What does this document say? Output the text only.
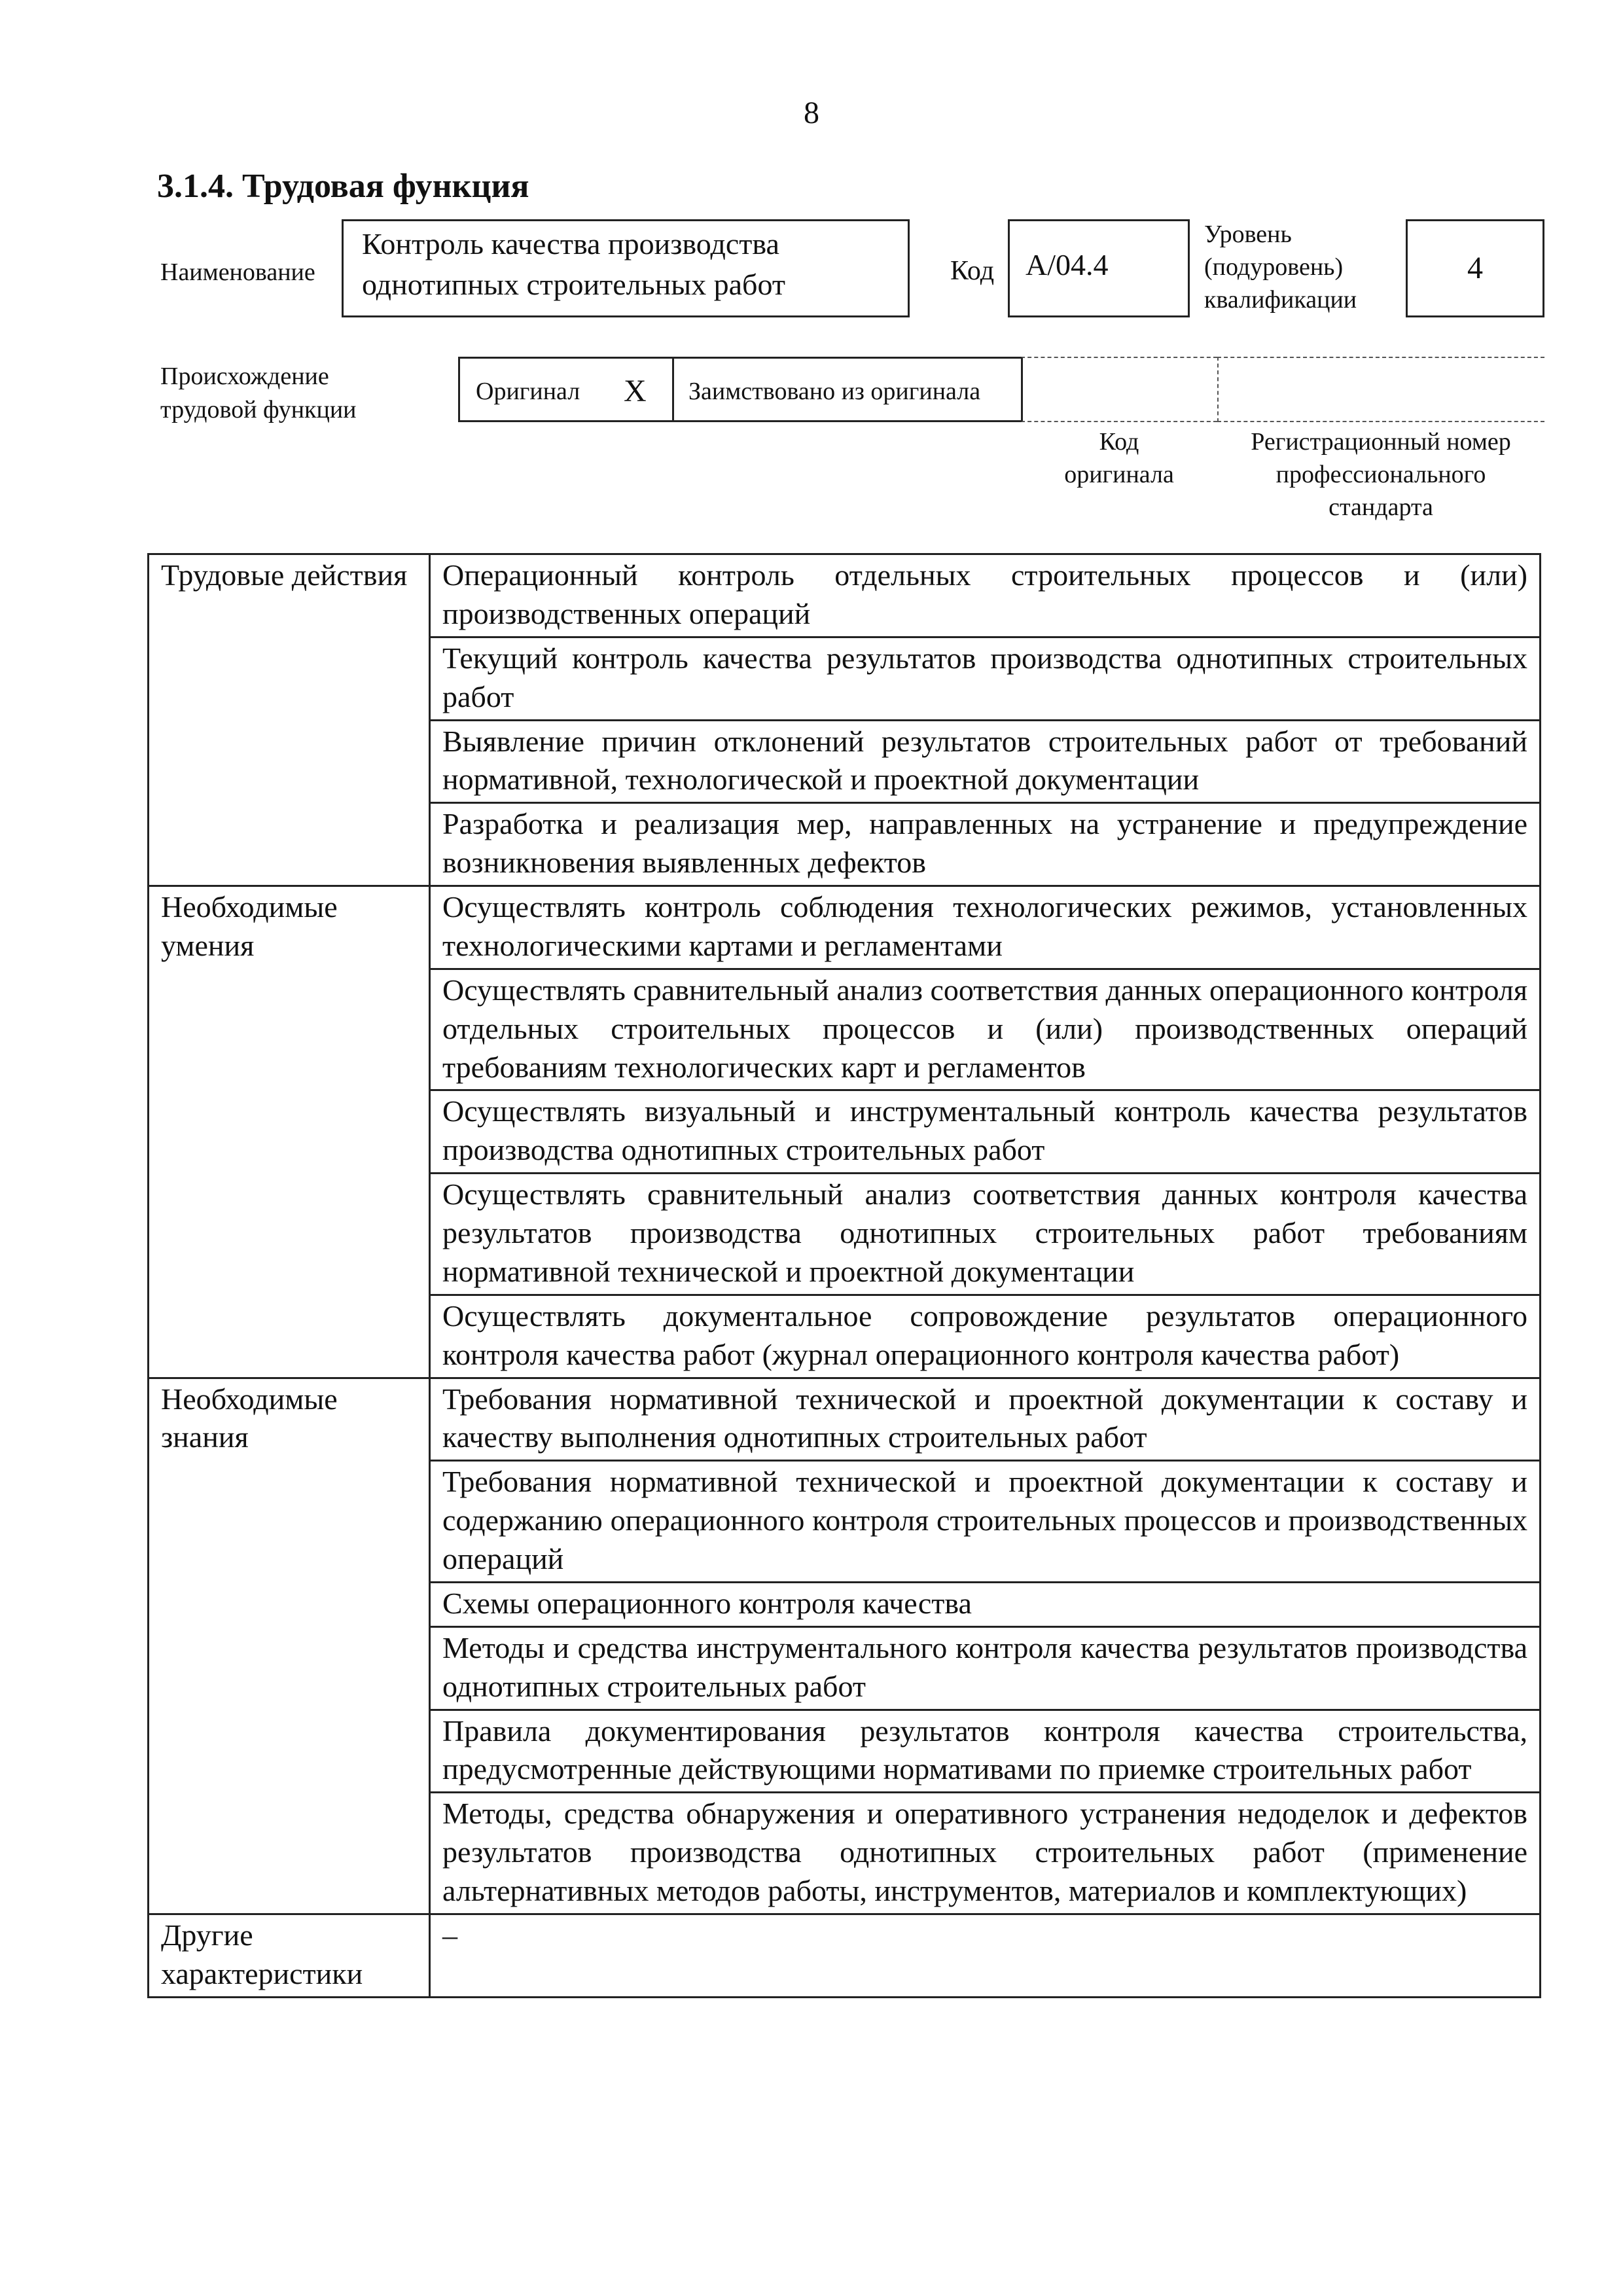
8
3.1.4. Трудовая функция
Наименование
Контроль качества производства
однотипных строительных работ	Код	А/04.4
Уровень
(подуровень)
квалификации
4
Происхождение
трудовой функции
Оригинал X	Заимствовано из оригинала
Код
оригинала
Регистрационный номер
профессионального
стандарта
Трудовые действия	Операционный контроль отдельных строительных процессов и (или) производственных операций
	Текущий контроль качества результатов производства однотипных строительных работ
	Выявление причин отклонений результатов строительных работ от требований нормативной, технологической и проектной документации
	Разработка и реализация мер, направленных на устранение и предупреждение возникновения выявленных дефектов

Необходимые
умения	Осуществлять контроль соблюдения технологических режимов, установленных технологическими картами и регламентами
	Осуществлять сравнительный анализ соответствия данных операционного контроля отдельных строительных процессов и (или) производственных операций требованиям технологических карт и регламентов
	Осуществлять визуальный и инструментальный контроль качества результатов производства однотипных строительных работ
	Осуществлять сравнительный анализ соответствия данных контроля качества результатов производства однотипных строительных работ требованиям нормативной технической и проектной документации
	Осуществлять документальное сопровождение результатов операционного контроля качества работ (журнал операционного контроля качества работ)

Необходимые
знания	Требования нормативной технической и проектной документации к составу и качеству выполнения однотипных строительных работ
	Требования нормативной технической и проектной документации к составу и содержанию операционного контроля строительных процессов и производственных операций
	Схемы операционного контроля качества
	Методы и средства инструментального контроля качества результатов производства однотипных строительных работ
	Правила документирования результатов контроля качества строительства, предусмотренные действующими нормативами по приемке строительных работ
	Методы, средства обнаружения и оперативного устранения недоделок и дефектов результатов производства однотипных строительных работ (применение альтернативных методов работы, инструментов, материалов и комплектующих)

Другие
характеристики	–
